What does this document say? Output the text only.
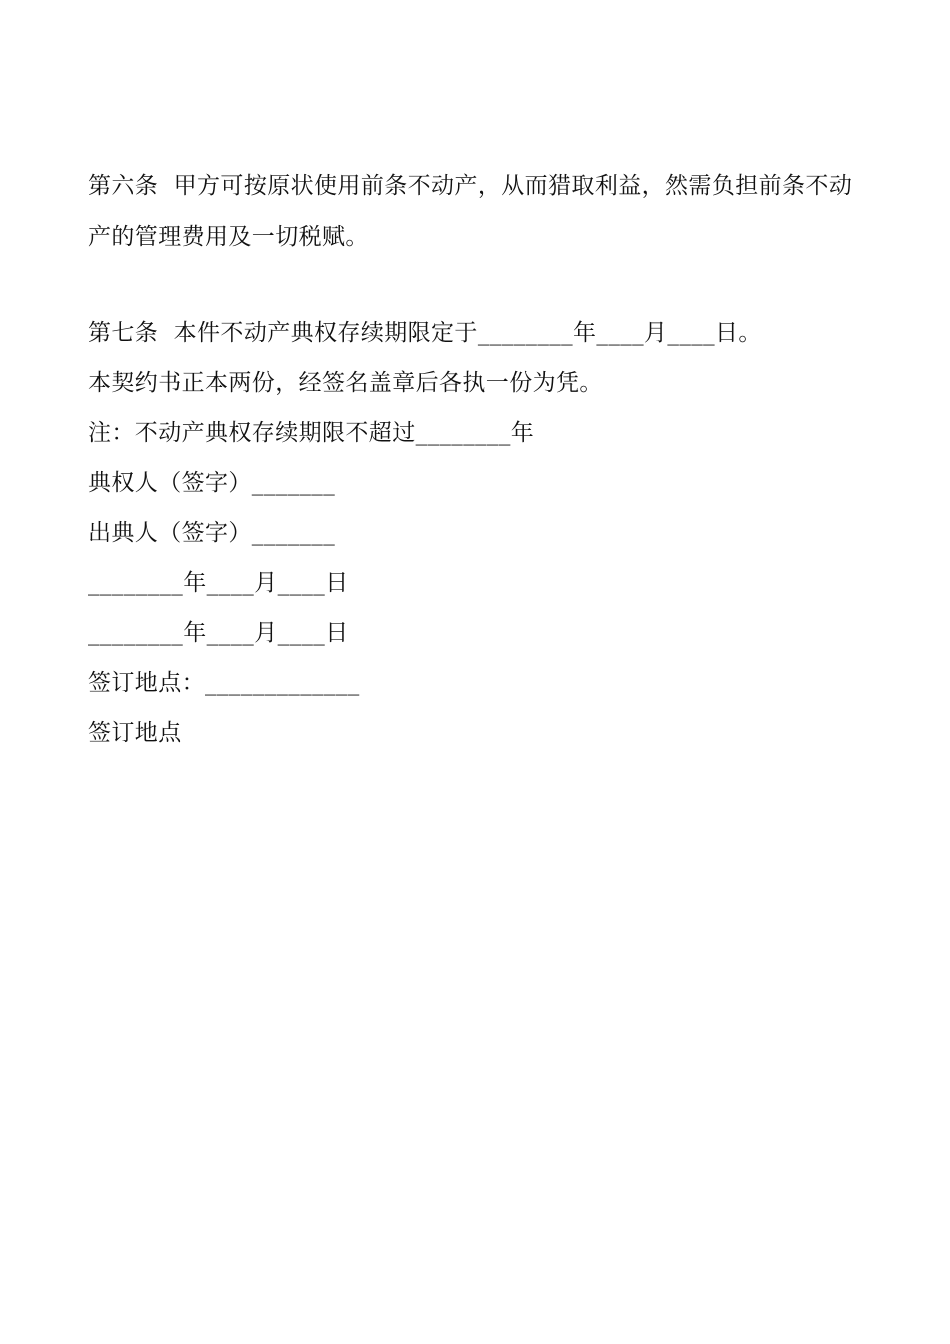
第六条  甲方可按原状使用前条不动产，从而猎取利益，然需负担前条不动
产的管理费用及一切税赋。
第七条  本件不动产典权存续期限定于________年____月____日。
本契约书正本两份，经签名盖章后各执一份为凭。
注：不动产典权存续期限不超过________年
典权人（签字）_______
出典人（签字）_______
________年____月____日
________年____月____日
签订地点：_____________
签订地点
